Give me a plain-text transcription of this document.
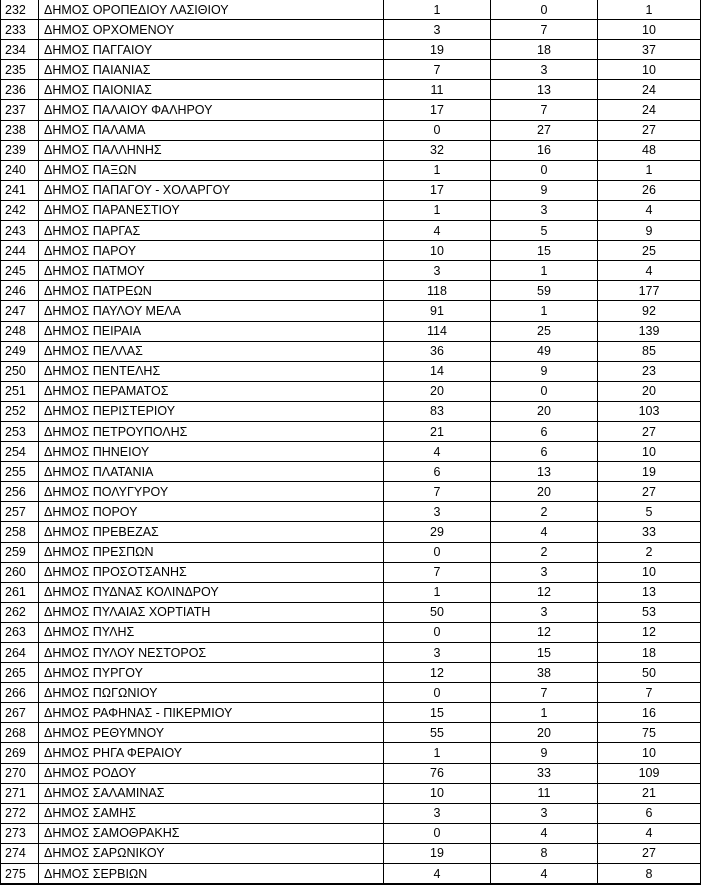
232	ΔΗΜΟΣ ΟΡΟΠΕΔΙΟΥ ΛΑΣΙΘΙΟΥ	1	0	1
233	ΔΗΜΟΣ ΟΡΧΟΜΕΝΟΥ	3	7	10
234	ΔΗΜΟΣ ΠΑΓΓΑΙΟΥ	19	18	37
235	ΔΗΜΟΣ ΠΑΙΑΝΙΑΣ	7	3	10
236	ΔΗΜΟΣ ΠΑΙΟΝΙΑΣ	11	13	24
237	ΔΗΜΟΣ ΠΑΛΑΙΟΥ ΦΑΛΗΡΟΥ	17	7	24
238	ΔΗΜΟΣ ΠΑΛΑΜΑ	0	27	27
239	ΔΗΜΟΣ ΠΑΛΛΗΝΗΣ	32	16	48
240	ΔΗΜΟΣ ΠΑΞΩΝ	1	0	1
241	ΔΗΜΟΣ ΠΑΠΑΓΟΥ - ΧΟΛΑΡΓΟΥ	17	9	26
242	ΔΗΜΟΣ ΠΑΡΑΝΕΣΤΙΟΥ	1	3	4
243	ΔΗΜΟΣ ΠΑΡΓΑΣ	4	5	9
244	ΔΗΜΟΣ ΠΑΡΟΥ	10	15	25
245	ΔΗΜΟΣ ΠΑΤΜΟΥ	3	1	4
246	ΔΗΜΟΣ ΠΑΤΡΕΩΝ	118	59	177
247	ΔΗΜΟΣ ΠΑΥΛΟΥ ΜΕΛΑ	91	1	92
248	ΔΗΜΟΣ ΠΕΙΡΑΙΑ	114	25	139
249	ΔΗΜΟΣ ΠΕΛΛΑΣ	36	49	85
250	ΔΗΜΟΣ ΠΕΝΤΕΛΗΣ	14	9	23
251	ΔΗΜΟΣ ΠΕΡΑΜΑΤΟΣ	20	0	20
252	ΔΗΜΟΣ ΠΕΡΙΣΤΕΡΙΟΥ	83	20	103
253	ΔΗΜΟΣ ΠΕΤΡΟΥΠΟΛΗΣ	21	6	27
254	ΔΗΜΟΣ ΠΗΝΕΙΟΥ	4	6	10
255	ΔΗΜΟΣ ΠΛΑΤΑΝΙΑ	6	13	19
256	ΔΗΜΟΣ ΠΟΛΥΓΥΡΟΥ	7	20	27
257	ΔΗΜΟΣ ΠΟΡΟΥ	3	2	5
258	ΔΗΜΟΣ ΠΡΕΒΕΖΑΣ	29	4	33
259	ΔΗΜΟΣ ΠΡΕΣΠΩΝ	0	2	2
260	ΔΗΜΟΣ ΠΡΟΣΟΤΣΑΝΗΣ	7	3	10
261	ΔΗΜΟΣ ΠΥΔΝΑΣ ΚΟΛΙΝΔΡΟΥ	1	12	13
262	ΔΗΜΟΣ ΠΥΛΑΙΑΣ ΧΟΡΤΙΑΤΗ	50	3	53
263	ΔΗΜΟΣ ΠΥΛΗΣ	0	12	12
264	ΔΗΜΟΣ ΠΥΛΟΥ ΝΕΣΤΟΡΟΣ	3	15	18
265	ΔΗΜΟΣ ΠΥΡΓΟΥ	12	38	50
266	ΔΗΜΟΣ ΠΩΓΩΝΙΟΥ	0	7	7
267	ΔΗΜΟΣ ΡΑΦΗΝΑΣ - ΠΙΚΕΡΜΙΟΥ	15	1	16
268	ΔΗΜΟΣ ΡΕΘΥΜΝΟΥ	55	20	75
269	ΔΗΜΟΣ ΡΗΓΑ ΦΕΡΑΙΟΥ	1	9	10
270	ΔΗΜΟΣ ΡΟΔΟΥ	76	33	109
271	ΔΗΜΟΣ ΣΑΛΑΜΙΝΑΣ	10	11	21
272	ΔΗΜΟΣ ΣΑΜΗΣ	3	3	6
273	ΔΗΜΟΣ ΣΑΜΟΘΡΑΚΗΣ	0	4	4
274	ΔΗΜΟΣ ΣΑΡΩΝΙΚΟΥ	19	8	27
275	ΔΗΜΟΣ ΣΕΡΒΙΩΝ	4	4	8
